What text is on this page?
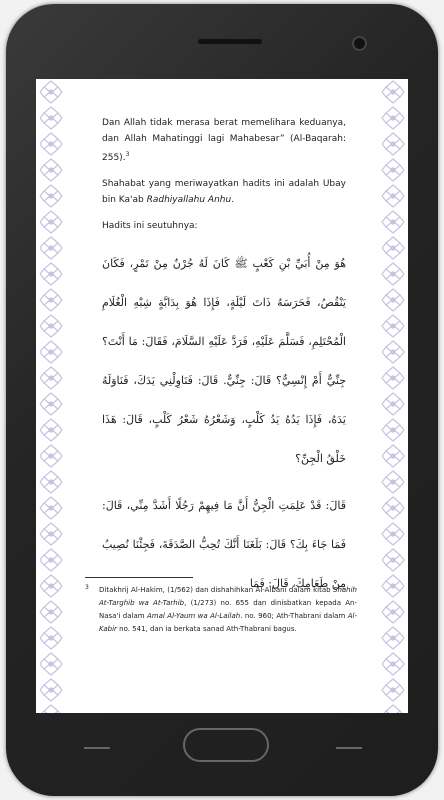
Dan Allah tidak merasa berat memelihara keduanya, dan Allah Mahatinggi lagi Mahabesar” (Al-Baqarah: 255).$^3$

Shahabat yang meriwayatkan hadits ini adalah Ubay bin Ka'ab Radhiyallahu Anhu.

Hadits ini seutuhnya:

هُوَ مِنْ أُبَيِّ بْنِ كَعْبٍ ﷺ كَانَ لَهُ جُرْنٌ مِنْ تَمْرٍ، فَكَانَ يَنْقُصُ، فَحَرَسَهُ ذَاتَ لَيْلَةٍ، فَإِذَا هُوَ بِدَابَّةٍ شِبْهِ الْغُلَامِ الْمُحْتَلِمِ، فَسَلَّمَ عَلَيْهِ، فَرَدَّ عَلَيْهِ السَّلَامَ، فَقَالَ: مَا أَنْتَ؟ جِنِّيٌّ أَمْ إِنْسِيٌّ؟ قَالَ: جِنِّيٌّ. قَالَ: فَنَاوِلْنِي يَدَكَ، فَنَاوَلَهُ يَدَهُ، فَإِذَا يَدُهُ يَدُ كَلْبٍ، وَشَعْرُهُ شَعْرُ كَلْبٍ، قَالَ: هَذَا خَلْقُ الْجِنِّ؟
قَالَ: قَدْ عَلِمَتِ الْجِنُّ أَنَّ مَا فِيهِمْ رَجُلًا أَشَدَّ مِنِّي، قَالَ: فَمَا جَاءَ بِكَ؟ قَالَ: بَلَغَنَا أَنَّكَ تُحِبُّ الصَّدَقَةَ، فَجِئْنَا نُصِيبُ مِنْ طَعَامِكَ، قَالَ: فَمَا
3 Ditakhrij Al-Hakim, (1/562) dan dishahihkan Al-Albani dalam kitab Shahih At-Targhib wa At-Tarhib, (1/273) no. 655 dan dinisbatkan kepada An-Nasa'i dalam Amal Al-Yaum wa Al-Lailah. no. 960; Ath-Thabrani dalam Al-Kabir no. 541, dan ia berkata sanad Ath-Thabrani bagus.
